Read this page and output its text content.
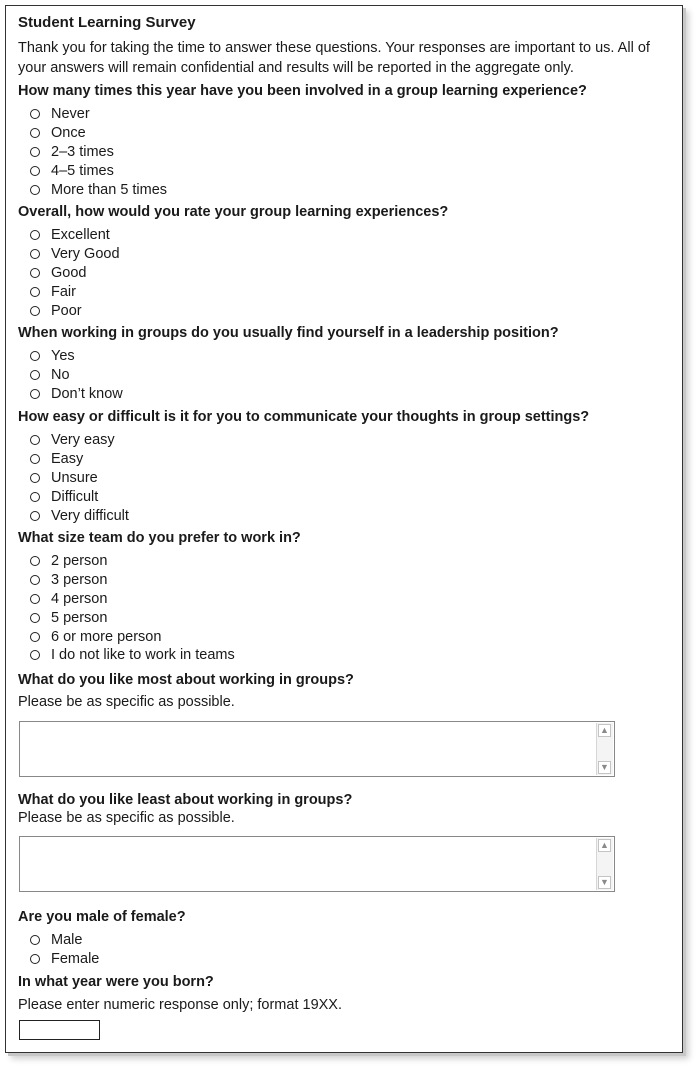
Student Learning Survey
Thank you for taking the time to answer these questions. Your responses are important to us. All of your answers will remain confidential and results will be reported in the aggregate only.
How many times this year have you been involved in a group learning experience?
Never
Once
2–3 times
4–5 times
More than 5 times
Overall, how would you rate your group learning experiences?
Excellent
Very Good
Good
Fair
Poor
When working in groups do you usually find yourself in a leadership position?
Yes
No
Don’t know
How easy or difficult is it for you to communicate your thoughts in group settings?
Very easy
Easy
Unsure
Difficult
Very difficult
What size team do you prefer to work in?
2 person
3 person
4 person
5 person
6 or more person
I do not like to work in teams
What do you like most about working in groups?
Please be as specific as possible.
▲
▼
What do you like least about working in groups?
Please be as specific as possible.
▲
▼
Are you male of female?
Male
Female
In what year were you born?
Please enter numeric response only; format 19XX.
